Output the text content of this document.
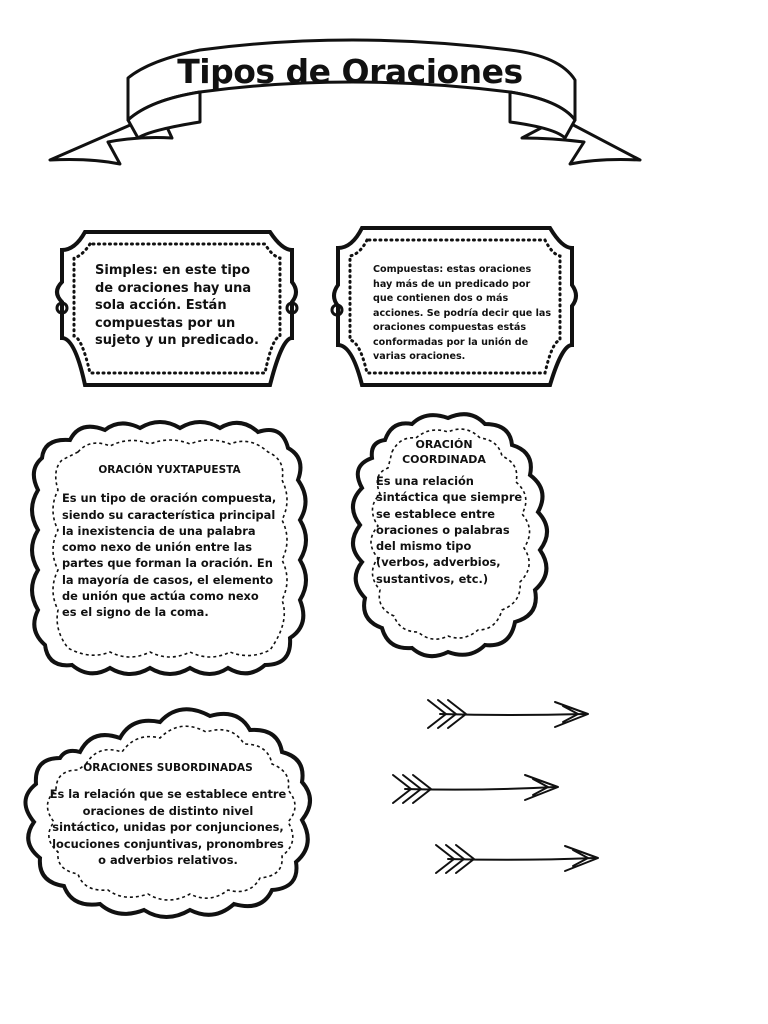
Tipos de Oraciones

Simples: en este tipo de oraciones hay una sola acción. Están compuestas por un sujeto y un predicado.

Compuestas: estas oraciones hay más de un predicado por que contienen dos o más acciones. Se podría decir que las oraciones compuestas estás conformadas por la unión de varias oraciones.

ORACIÓN YUXTAPUESTA

Es un tipo de oración compuesta, siendo su característica principal la inexistencia de una palabra como nexo de unión entre las partes que forman la oración. En la mayoría de casos, el elemento de unión que actúa como nexo es el signo de la coma.

ORACIÓN COORDINADA

Es una relación sintáctica que siempre se establece entre oraciones o palabras del mismo tipo (verbos, adverbios, sustantivos, etc.)

ORACIONES SUBORDINADAS

Es la relación que se establece entre oraciones de distinto nivel sintáctico, unidas por conjunciones, locuciones conjuntivas, pronombres o adverbios relativos.
